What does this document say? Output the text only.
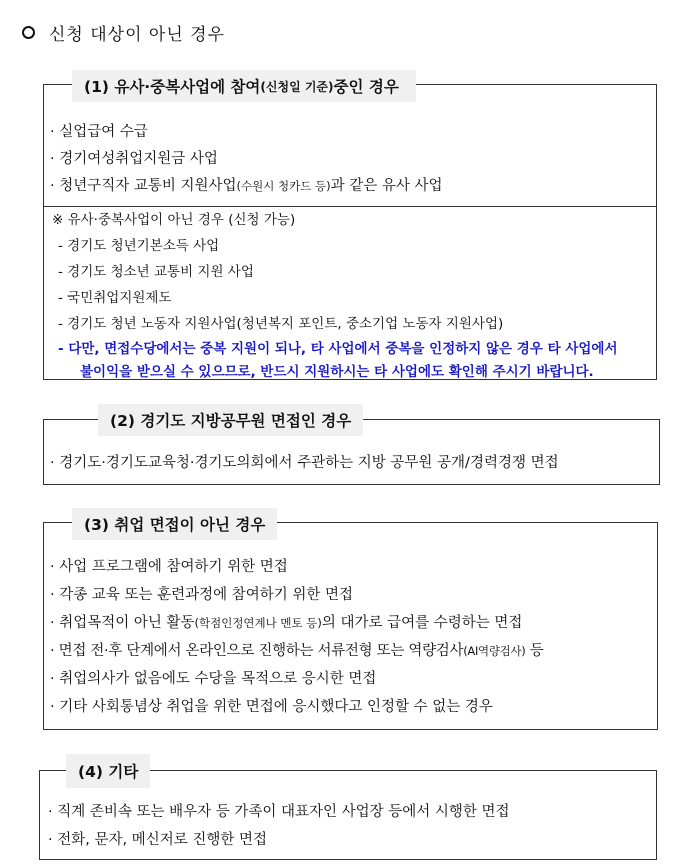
신청 대상이 아닌 경우
(1) 유사·중복사업에 참여 (신청일 기준) 중인 경우

· 실업급여 수급
· 경기여성취업지원금 사업
· 청년구직자 교통비 지원사업(수원시 청카드 등)과 같은 유사 사업
※ 유사·중복사업이 아닌 경우 (신청 가능)
- 경기도 청년기본소득 사업
- 경기도 청소년 교통비 지원 사업
- 국민취업지원제도
- 경기도 청년 노동자 지원사업(청년복지 포인트, 중소기업 노동자 지원사업)
- 다만, 면접수당에서는 중복 지원이 되나, 타 사업에서 중복을 인정하지 않은 경우 타 사업에서
불이익을 받으실 수 있으므로, 반드시 지원하시는 타 사업에도 확인해 주시기 바랍니다.
(2) 경기도 지방공무원 면접인 경우
· 경기도·경기도교육청·경기도의회에서 주관하는 지방 공무원 공개/경력경쟁 면접
(3) 취업 면접이 아닌 경우
· 사업 프로그램에 참여하기 위한 면접
· 각종 교육 또는 훈련과정에 참여하기 위한 면접
· 취업목적이 아닌 활동(학점인정연계나 멘토 등)의 대가로 급여를 수령하는 면접
· 면접 전·후 단계에서 온라인으로 진행하는 서류전형 또는 역량검사(AI역량검사) 등
· 취업의사가 없음에도 수당을 목적으로 응시한 면접
· 기타 사회통념상 취업을 위한 면접에 응시했다고 인정할 수 없는 경우
(4) 기타
· 직계 존비속 또는 배우자 등 가족이 대표자인 사업장 등에서 시행한 면접
· 전화, 문자, 메신저로 진행한 면접
